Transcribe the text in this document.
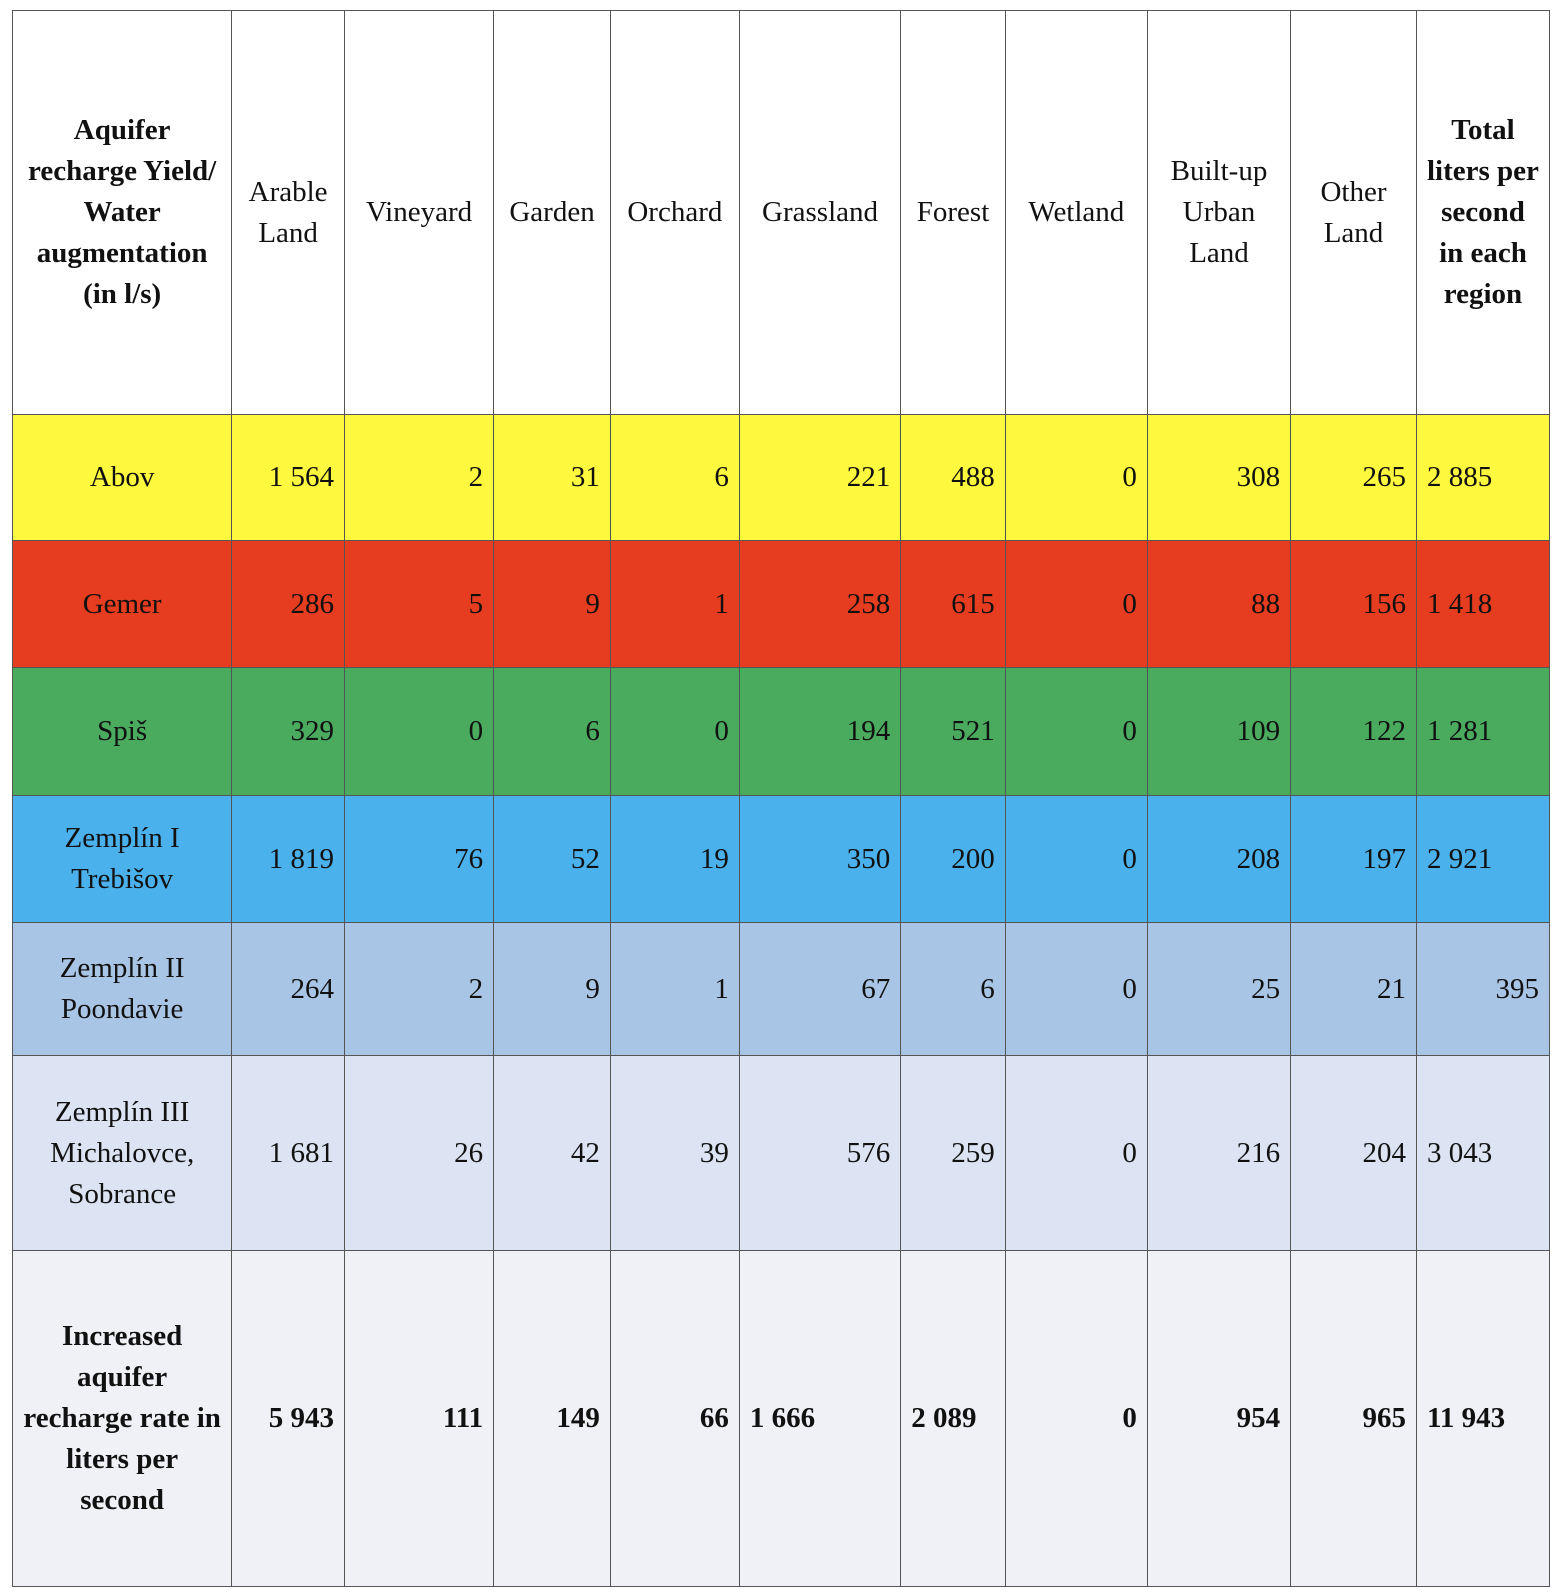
Aquifer recharge Yield/ Water augmentation (in l/s)	Arable Land	Vineyard	Garden	Orchard	Grassland	Forest	Wetland	Built-up Urban Land	Other Land	Total liters per second in each region
Abov	1 564	2	31	6	221	488	0	308	265	2 885
Gemer	286	5	9	1	258	615	0	88	156	1 418
Spiš	329	0	6	0	194	521	0	109	122	1 281
Zemplín I Trebišov	1 819	76	52	19	350	200	0	208	197	2 921
Zemplín II Poondavie	264	2	9	1	67	6	0	25	21	395
Zemplín III Michalovce, Sobrance	1 681	26	42	39	576	259	0	216	204	3 043
Increased aquifer recharge rate in liters per second	5 943	111	149	66	1 666	2 089	0	954	965	11 943
